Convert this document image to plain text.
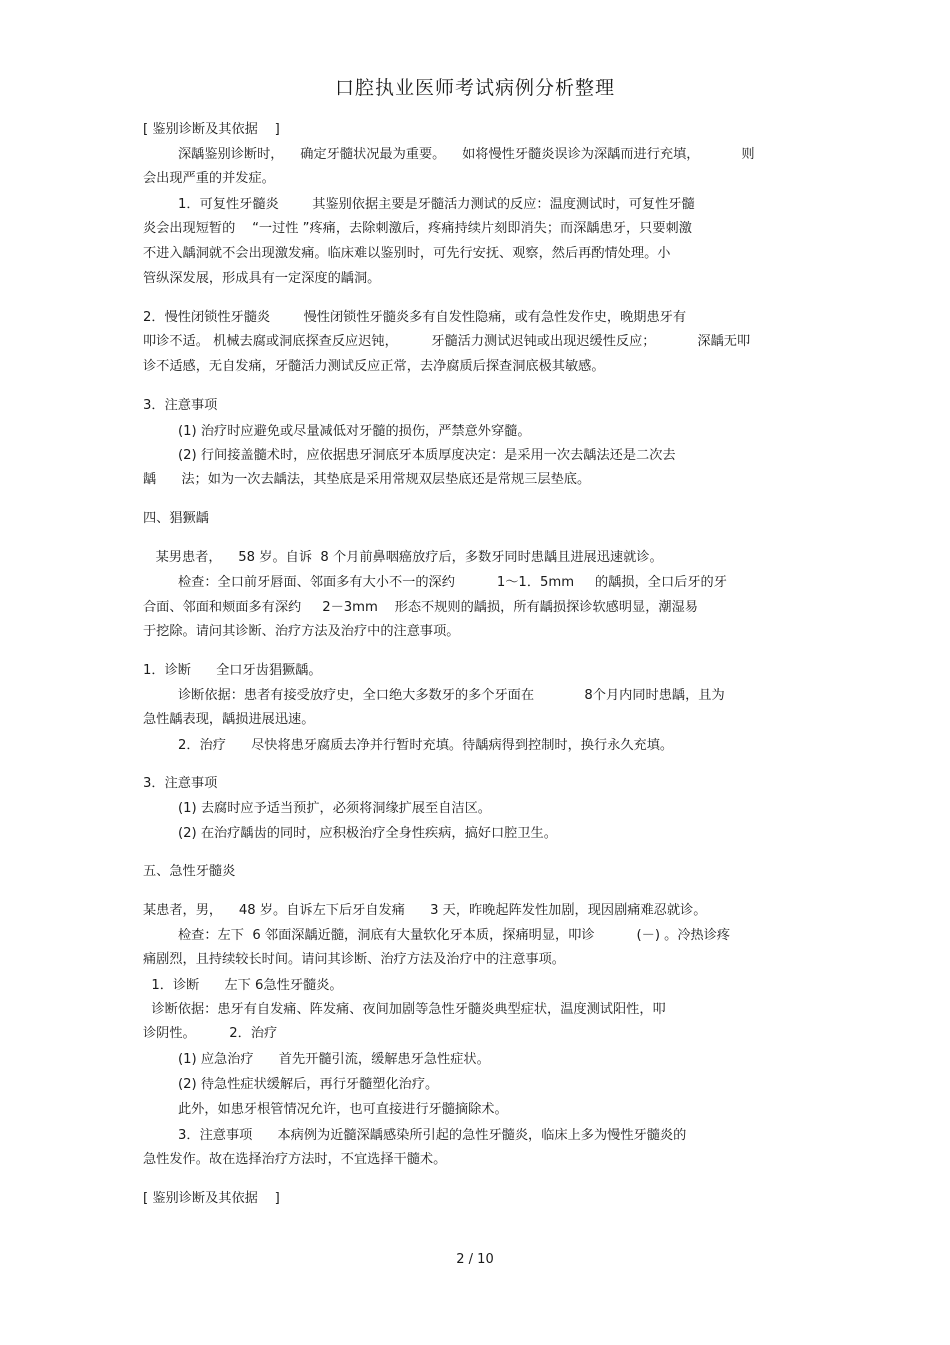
口腔执业医师考试病例分析整理
[ 鉴别诊断及其依据    ]
深龋鉴别诊断时，    确定牙髓状况最为重要。    如将慢性牙髓炎误诊为深龋而进行充填，          则
会出现严重的并发症。
1．可复性牙髓炎        其鉴别依据主要是牙髓活力测试的反应：温度测试时，可复性牙髓
炎会出现短暂的    “一过性 ”疼痛，去除刺激后，疼痛持续片刻即消失；而深龋患牙，只要刺激
不进入龋洞就不会出现激发痛。临床难以鉴别时，可先行安抚、观察，然后再酌情处理。小
管纵深发展，形成具有一定深度的龋洞。
2．慢性闭锁性牙髓炎        慢性闭锁性牙髓炎多有自发性隐痛，或有急性发作史，晚期患牙有
叩诊不适。 机械去腐或洞底探查反应迟钝，        牙髓活力测试迟钝或出现迟缓性反应；          深龋无叩
诊不适感，无自发痛，牙髓活力测试反应正常，去净腐质后探查洞底极其敏感。
3．注意事项
(1) 治疗时应避免或尽量减低对牙髓的损伤，严禁意外穿髓。
(2) 行间接盖髓术时，应依据患牙洞底牙本质厚度决定：是采用一次去龋法还是二次去
龋      法；如为一次去龋法，其垫底是采用常规双层垫底还是常规三层垫底。
四、猖獗龋
某男患者，    58 岁。自诉  8 个月前鼻咽癌放疗后，多数牙同时患龋且进展迅速就诊。
检查：全口前牙唇面、邻面多有大小不一的深约          1～1．5mm     的龋损，全口后牙的牙
合面、邻面和颊面多有深约     2－3mm    形态不规则的龋损，所有龋损探诊软感明显，潮湿易
于挖除。请问其诊断、治疗方法及治疗中的注意事项。
1．诊断      全口牙齿猖獗龋。
诊断依据：患者有接受放疗史，全口绝大多数牙的多个牙面在            8个月内同时患龋，且为
急性龋表现，龋损进展迅速。
2．治疗      尽快将患牙腐质去净并行暂时充填。待龋病得到控制时，换行永久充填。
3．注意事项
(1) 去腐时应予适当预扩，必须将洞缘扩展至自洁区。
(2) 在治疗龋齿的同时，应积极治疗全身性疾病，搞好口腔卫生。
五、急性牙髓炎
某患者，男，    48 岁。自诉左下后牙自发痛      3 天，昨晚起阵发性加剧，现因剧痛难忍就诊。
检查：左下  6 邻面深龋近髓，洞底有大量软化牙本质，探痛明显，叩诊          (－) 。冷热诊疼
痛剧烈，且持续较长时间。请问其诊断、治疗方法及治疗中的注意事项。
1．诊断      左下 6急性牙髓炎。
诊断依据：患牙有自发痛、阵发痛、夜间加剧等急性牙髓炎典型症状，温度测试阳性，叩
诊阴性。        2．治疗
(1) 应急治疗      首先开髓引流，缓解患牙急性症状。
(2) 待急性症状缓解后，再行牙髓塑化治疗。
此外，如患牙根管情况允许，也可直接进行牙髓摘除术。
3．注意事项      本病例为近髓深龋感染所引起的急性牙髓炎，临床上多为慢性牙髓炎的
急性发作。故在选择治疗方法时，不宜选择干髓术。
[ 鉴别诊断及其依据    ]
2 / 10
